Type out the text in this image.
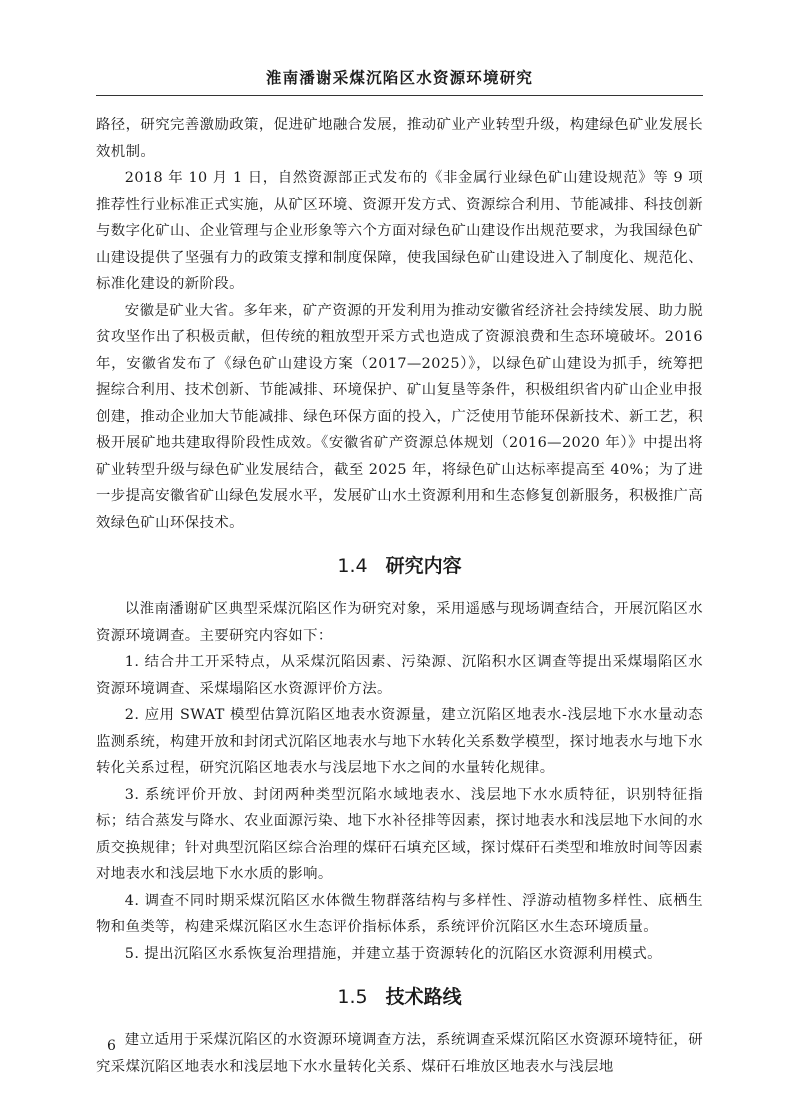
淮南潘谢采煤沉陷区水资源环境研究

路径，研究完善激励政策，促进矿地融合发展，推动矿业产业转型升级，构建绿色矿业发展长效机制。

2018 年 10 月 1 日，自然资源部正式发布的《非金属行业绿色矿山建设规范》等 9 项推荐性行业标准正式实施，从矿区环境、资源开发方式、资源综合利用、节能减排、科技创新与数字化矿山、企业管理与企业形象等六个方面对绿色矿山建设作出规范要求，为我国绿色矿山建设提供了坚强有力的政策支撑和制度保障，使我国绿色矿山建设进入了制度化、规范化、标准化建设的新阶段。

安徽是矿业大省。多年来，矿产资源的开发利用为推动安徽省经济社会持续发展、助力脱贫攻坚作出了积极贡献，但传统的粗放型开采方式也造成了资源浪费和生态环境破坏。2016 年，安徽省发布了《绿色矿山建设方案（2017—2025）》，以绿色矿山建设为抓手，统筹把握综合利用、技术创新、节能减排、环境保护、矿山复垦等条件，积极组织省内矿山企业申报创建，推动企业加大节能减排、绿色环保方面的投入，广泛使用节能环保新技术、新工艺，积极开展矿地共建取得阶段性成效。《安徽省矿产资源总体规划（2016—2020 年）》中提出将矿业转型升级与绿色矿业发展结合，截至 2025 年，将绿色矿山达标率提高至 40%；为了进一步提高安徽省矿山绿色发展水平，发展矿山水土资源利用和生态修复创新服务，积极推广高效绿色矿山环保技术。

1.4 研究内容

以淮南潘谢矿区典型采煤沉陷区作为研究对象，采用遥感与现场调查结合，开展沉陷区水资源环境调查。主要研究内容如下：

1. 结合井工开采特点，从采煤沉陷因素、污染源、沉陷积水区调查等提出采煤塌陷区水资源环境调查、采煤塌陷区水资源评价方法。

2. 应用 SWAT 模型估算沉陷区地表水资源量，建立沉陷区地表水-浅层地下水水量动态监测系统，构建开放和封闭式沉陷区地表水与地下水转化关系数学模型，探讨地表水与地下水转化关系过程，研究沉陷区地表水与浅层地下水之间的水量转化规律。

3. 系统评价开放、封闭两种类型沉陷水域地表水、浅层地下水水质特征，识别特征指标；结合蒸发与降水、农业面源污染、地下水补径排等因素，探讨地表水和浅层地下水间的水质交换规律；针对典型沉陷区综合治理的煤矸石填充区域，探讨煤矸石类型和堆放时间等因素对地表水和浅层地下水水质的影响。

4. 调查不同时期采煤沉陷区水体微生物群落结构与多样性、浮游动植物多样性、底栖生物和鱼类等，构建采煤沉陷区水生态评价指标体系，系统评价沉陷区水生态环境质量。

5. 提出沉陷区水系恢复治理措施，并建立基于资源转化的沉陷区水资源利用模式。

1.5 技术路线

建立适用于采煤沉陷区的水资源环境调查方法，系统调查采煤沉陷区水资源环境特征，研究采煤沉陷区地表水和浅层地下水水量转化关系、煤矸石堆放区地表水与浅层地

6
